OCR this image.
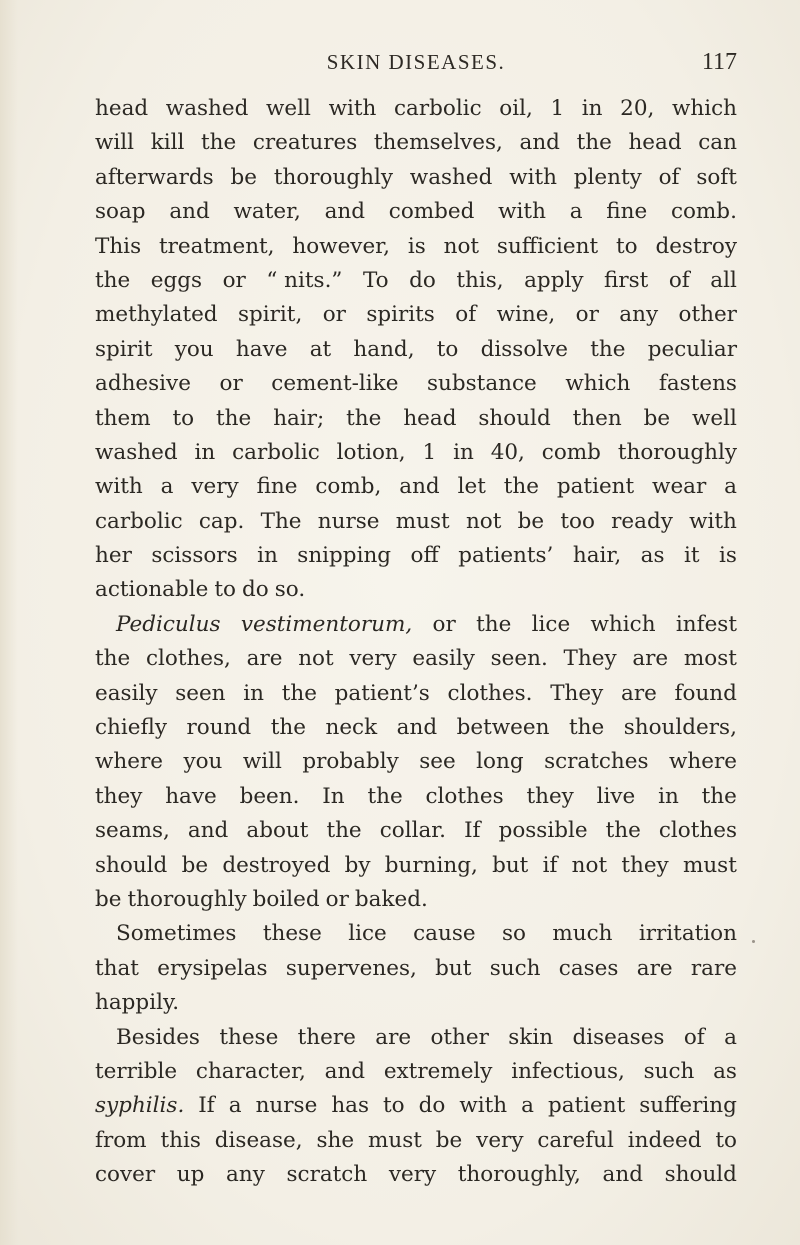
SKIN DISEASES.	117
head washed well with carbolic oil, 1 in 20, which
will kill the creatures themselves, and the head can
afterwards be thoroughly washed with plenty of soft
soap and water, and combed with a fine comb.
This treatment, however, is not sufficient to destroy
the eggs or “ nits.” To do this, apply first of all
methylated spirit, or spirits of wine, or any other
spirit you have at hand, to dissolve the peculiar
adhesive or cement-like substance which fastens
them to the hair; the head should then be well
washed in carbolic lotion, 1 in 40, comb thoroughly
with a very fine comb, and let the patient wear a
carbolic cap. The nurse must not be too ready with
her scissors in snipping off patients’ hair, as it is
actionable to do so.
Pediculus vestimentorum, or the lice which infest
the clothes, are not very easily seen. They are most
easily seen in the patient’s clothes. They are found
chiefly round the neck and between the shoulders,
where you will probably see long scratches where
they have been. In the clothes they live in the
seams, and about the collar. If possible the clothes
should be destroyed by burning, but if not they must
be thoroughly boiled or baked.
Sometimes these lice cause so much irritation
that erysipelas supervenes, but such cases are rare
happily.
Besides these there are other skin diseases of a
terrible character, and extremely infectious, such as
syphilis. If a nurse has to do with a patient suffering
from this disease, she must be very careful indeed to
cover up any scratch very thoroughly, and should
